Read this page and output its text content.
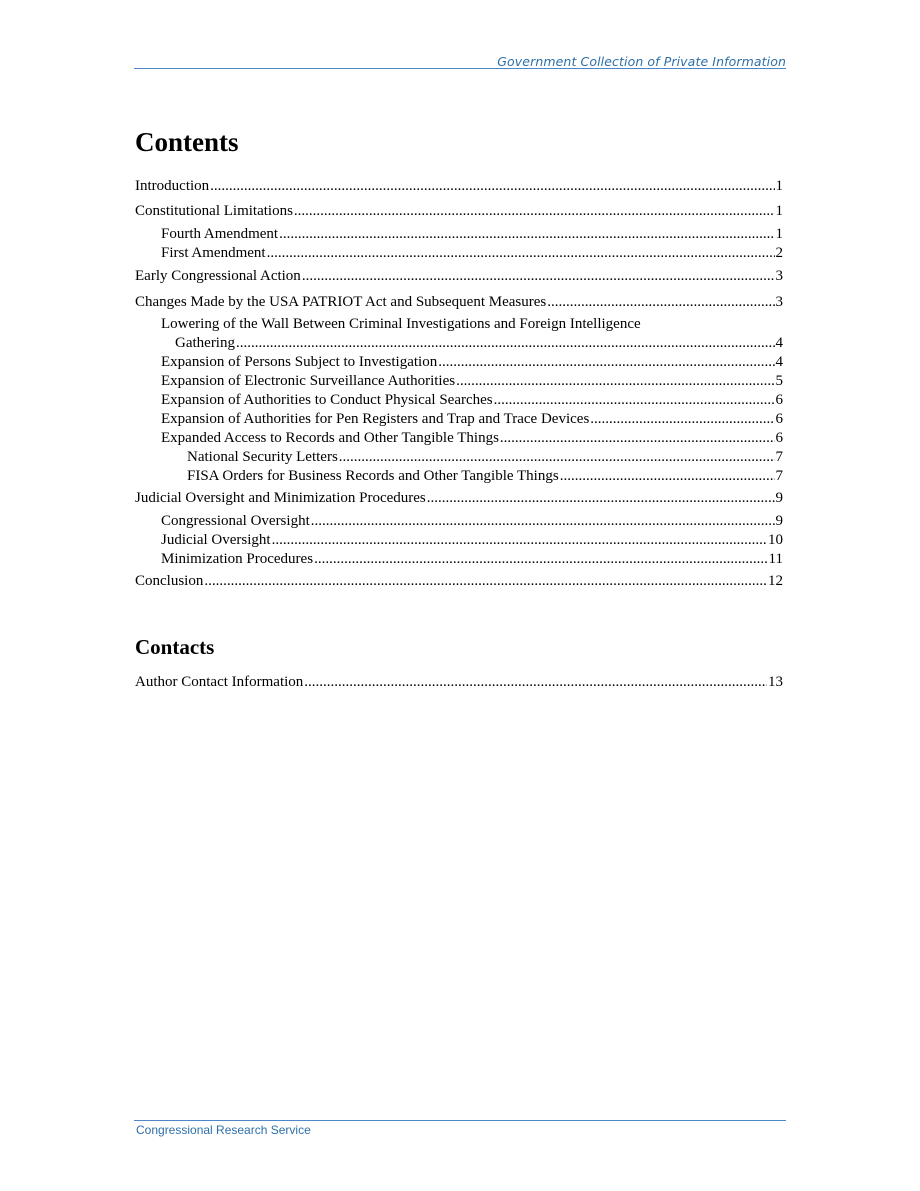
Government Collection of Private Information
Contents
Introduction .....	1
Constitutional Limitations .....	1
Fourth Amendment .....	1
First Amendment .....	2
Early Congressional Action .....	3
Changes Made by the USA PATRIOT Act and Subsequent Measures .....	3
Lowering of the Wall Between Criminal Investigations and Foreign Intelligence
Gathering .....	4
Expansion of Persons Subject to Investigation .....	4
Expansion of Electronic Surveillance Authorities .....	5
Expansion of Authorities to Conduct Physical Searches .....	6
Expansion of Authorities for Pen Registers and Trap and Trace Devices .....	6
Expanded Access to Records and Other Tangible Things .....	6
National Security Letters .....	7
FISA Orders for Business Records and Other Tangible Things .....	7
Judicial Oversight and Minimization Procedures .....	9
Congressional Oversight .....	9
Judicial Oversight .....	10
Minimization Procedures .....	11
Conclusion .....	12
Contacts
Author Contact Information .....	13
Congressional Research Service
